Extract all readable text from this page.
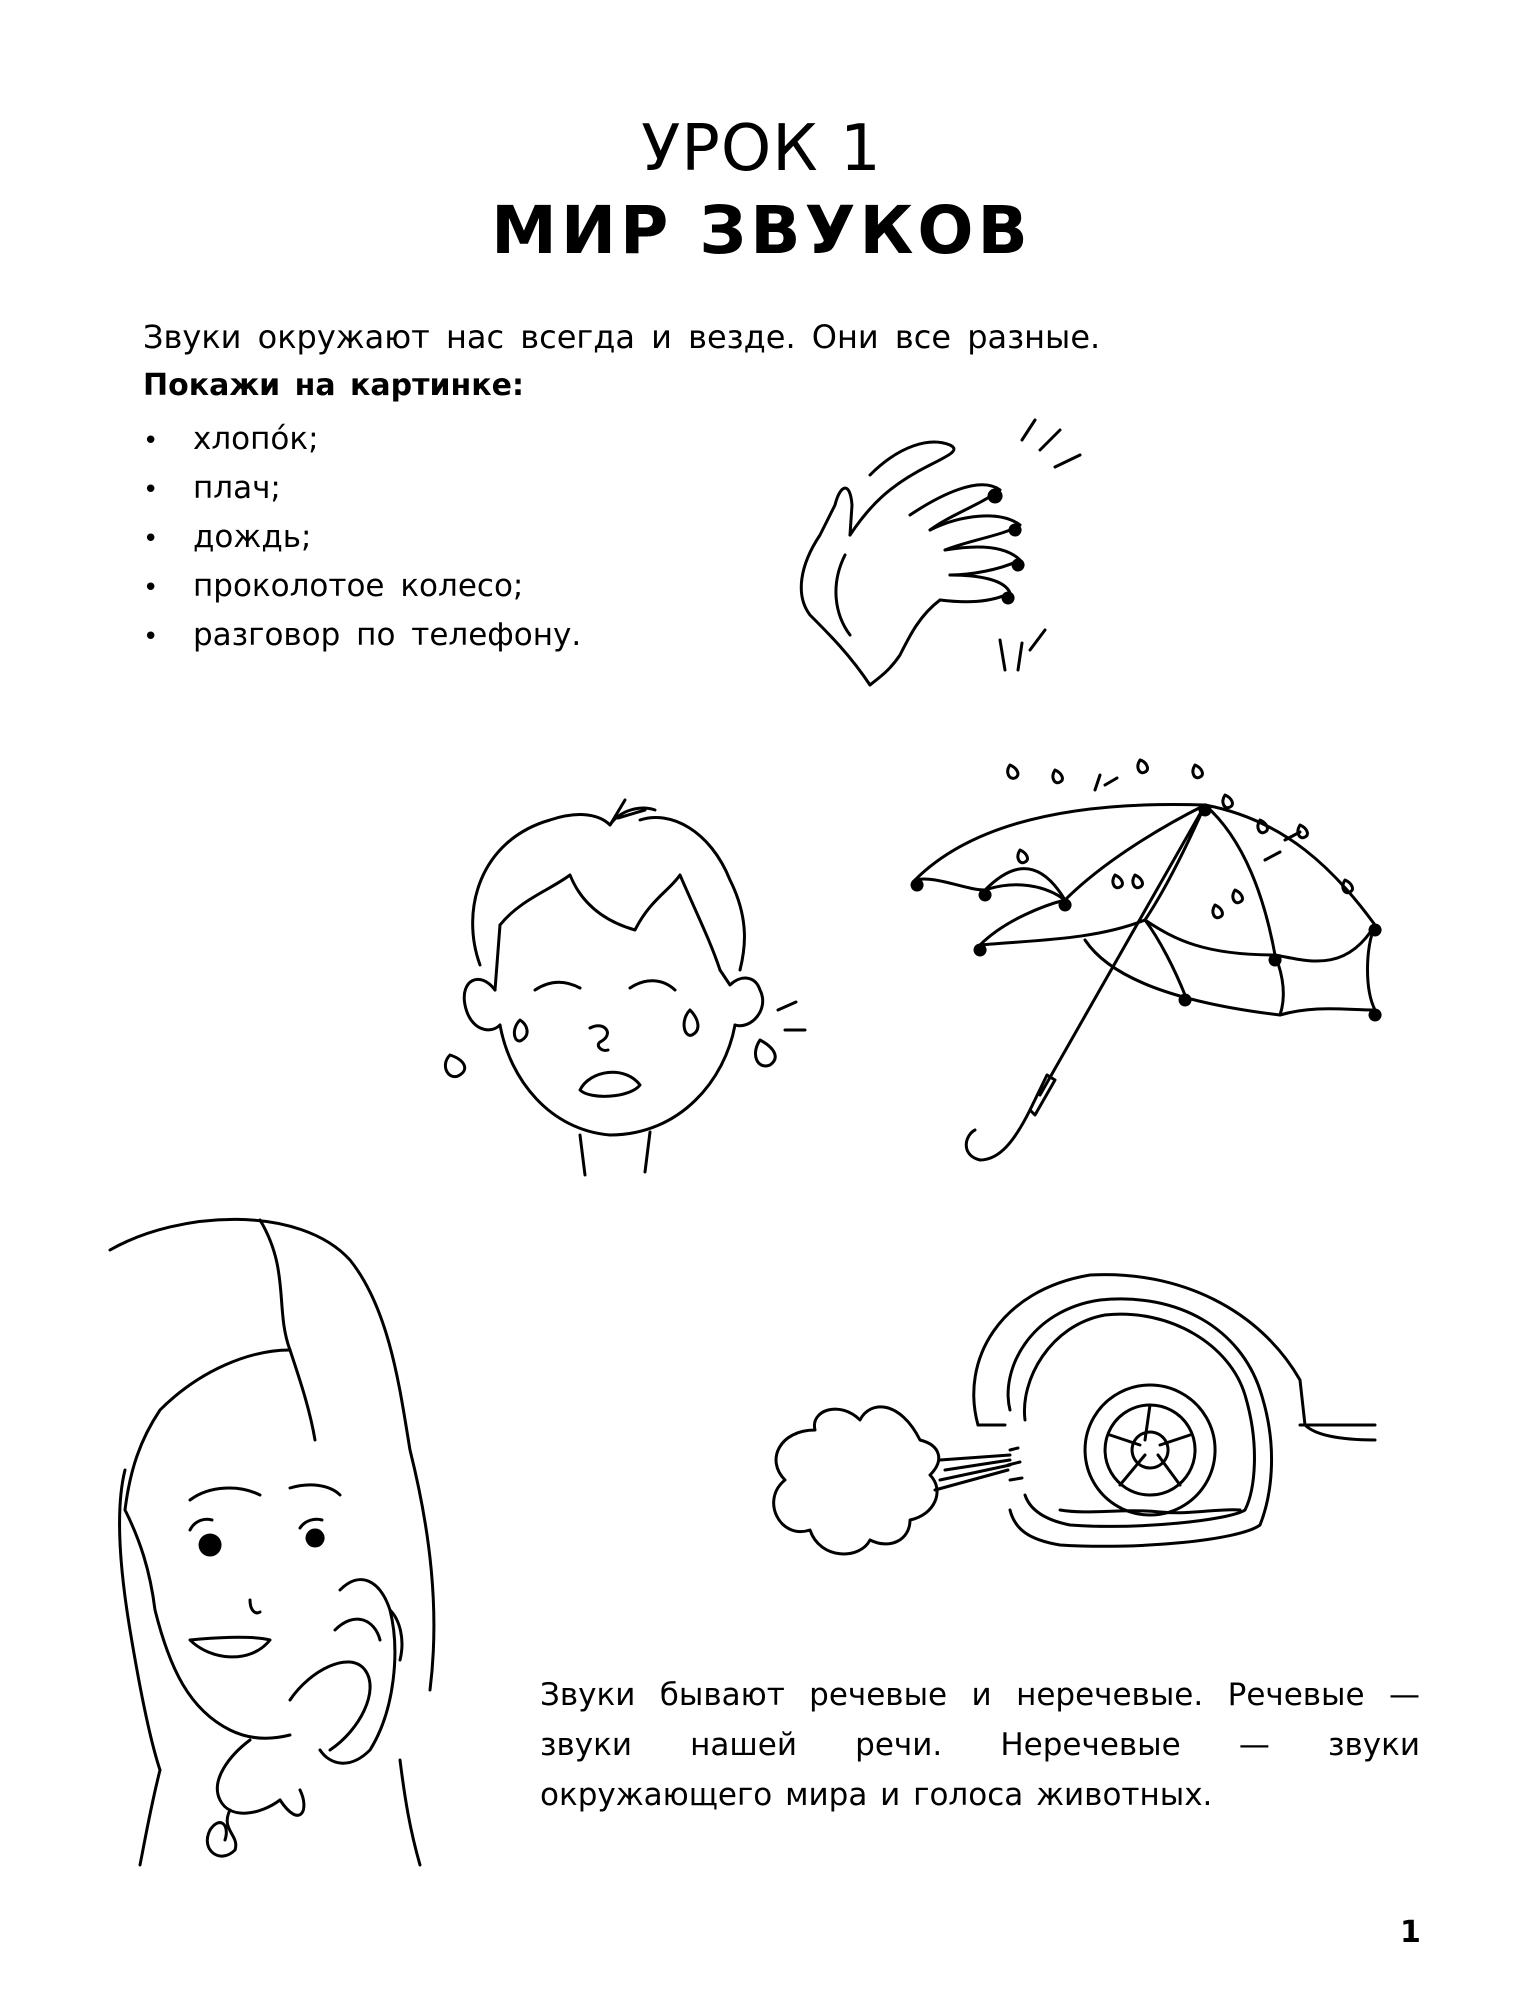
УРОК 1
МИР ЗВУКОВ
Звуки окружают нас всегда и везде. Они все разные.
Покажи на картинке:
• хлопо́к;
• плач;
• дождь;
• проколотое колесо;
• разговор по телефону.
Звуки бывают речевые и неречевые. Речевые — звуки нашей речи. Неречевые — звуки окружающего мира и голоса животных.
1
